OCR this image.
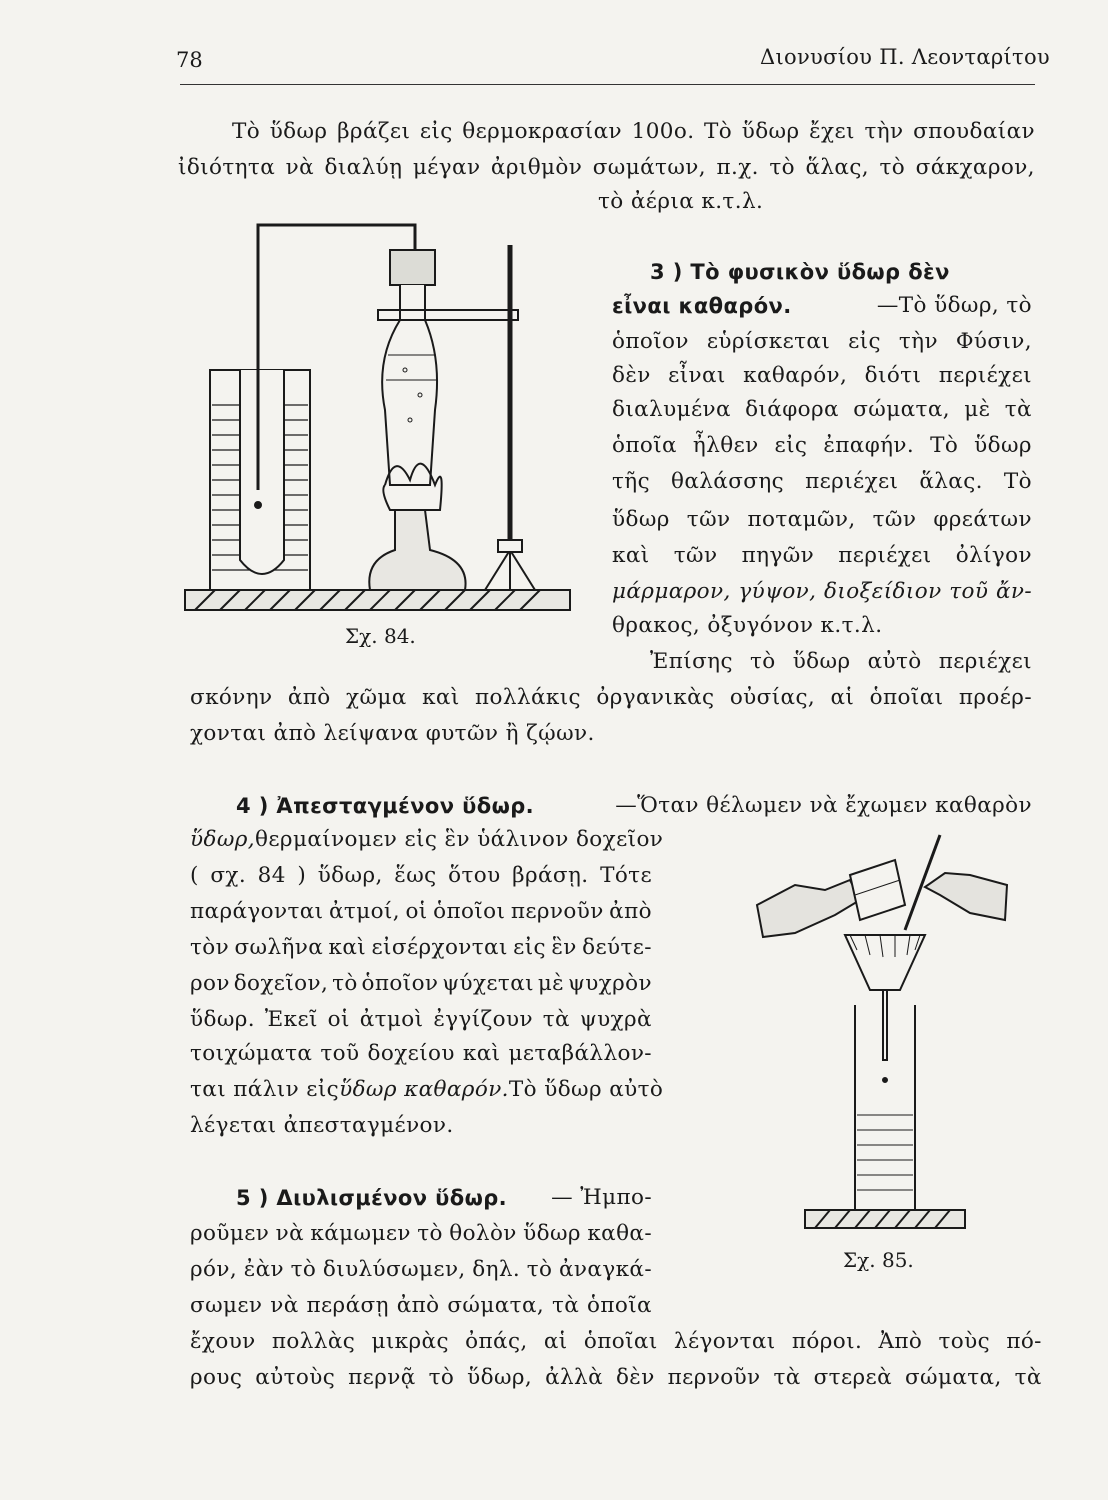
78	Διονυσίου Π. Λεονταρίτου
Τὸ ὕδωρ βράζει εἰς θερμοκρασίαν 100ο. Τὸ ὕδωρ ἔχει τὴν σπουδαίαν
ἰδιότητα νὰ διαλύῃ μέγαν ἀριθμὸν σωμάτων, π.χ. τὸ ἅλας, τὸ σάκχαρον,
τὸ ἀέρια κ.τ.λ.
Σχ. 84.
3 ) Τὸ φυσικὸν ὕδωρ δὲν
εἶναι καθαρόν.	—Τὸ ὕδωρ, τὸ
ὁποῖον εὑρίσκεται εἰς τὴν Φύσιν,
δὲν εἶναι καθαρόν, διότι περιέχει
διαλυμένα διάφορα σώματα, μὲ τὰ
ὁποῖα ἦλθεν εἰς ἐπαφήν. Τὸ ὕδωρ
τῆς θαλάσσης περιέχει ἅλας. Τὸ
ὕδωρ τῶν ποταμῶν, τῶν φρεάτων
καὶ τῶν πηγῶν περιέχει ὀλίγον
μάρμαρον, γύψον, διοξείδιον τοῦ ἄν-
θρακος, ὀξυγόνον κ.τ.λ.
Ἐπίσης τὸ ὕδωρ αὐτὸ περιέχει
σκόνην ἀπὸ χῶμα καὶ πολλάκις ὀργανικὰς οὐσίας, αἱ ὁποῖαι προέρ-
χονται ἀπὸ λείψανα φυτῶν ἢ ζῴων.
4 ) Ἀπεσταγμένον ὕδωρ.	—Ὅταν θέλωμεν νὰ ἔχωμεν καθαρὸν
ὕδωρ, θερμαίνομεν εἰς ἓν ὑάλινον δοχεῖον
( σχ. 84 ) ὕδωρ, ἕως ὅτου βράσῃ. Τότε
παράγονται ἀτμοί, οἱ ὁποῖοι περνοῦν ἀπὸ
τὸν σωλῆνα καὶ εἰσέρχονται εἰς ἓν δεύτε-
ρον δοχεῖον, τὸ ὁποῖον ψύχεται μὲ ψυχρὸν
ὕδωρ. Ἐκεῖ οἱ ἀτμοὶ ἐγγίζουν τὰ ψυχρὰ
τοιχώματα τοῦ δοχείου καὶ μεταβάλλον-
ται πάλιν εἰς ὕδωρ καθαρόν. Τὸ ὕδωρ αὐτὸ
λέγεται ἀπεσταγμένον.
Σχ. 85.
5 ) Διυλισμένον ὕδωρ. — Ἠμπο-
ροῦμεν νὰ κάμωμεν τὸ θολὸν ὕδωρ καθα-
ρόν, ἐὰν τὸ διυλύσωμεν, δηλ. τὸ ἀναγκά-
σωμεν νὰ περάσῃ ἀπὸ σώματα, τὰ ὁποῖα
ἔχουν πολλὰς μικρὰς ὀπάς, αἱ ὁποῖαι λέγονται πόροι. Ἀπὸ τοὺς πό-
ρους αὐτοὺς περνᾷ τὸ ὕδωρ, ἀλλὰ δὲν περνοῦν τὰ στερεὰ σώματα, τὰ
